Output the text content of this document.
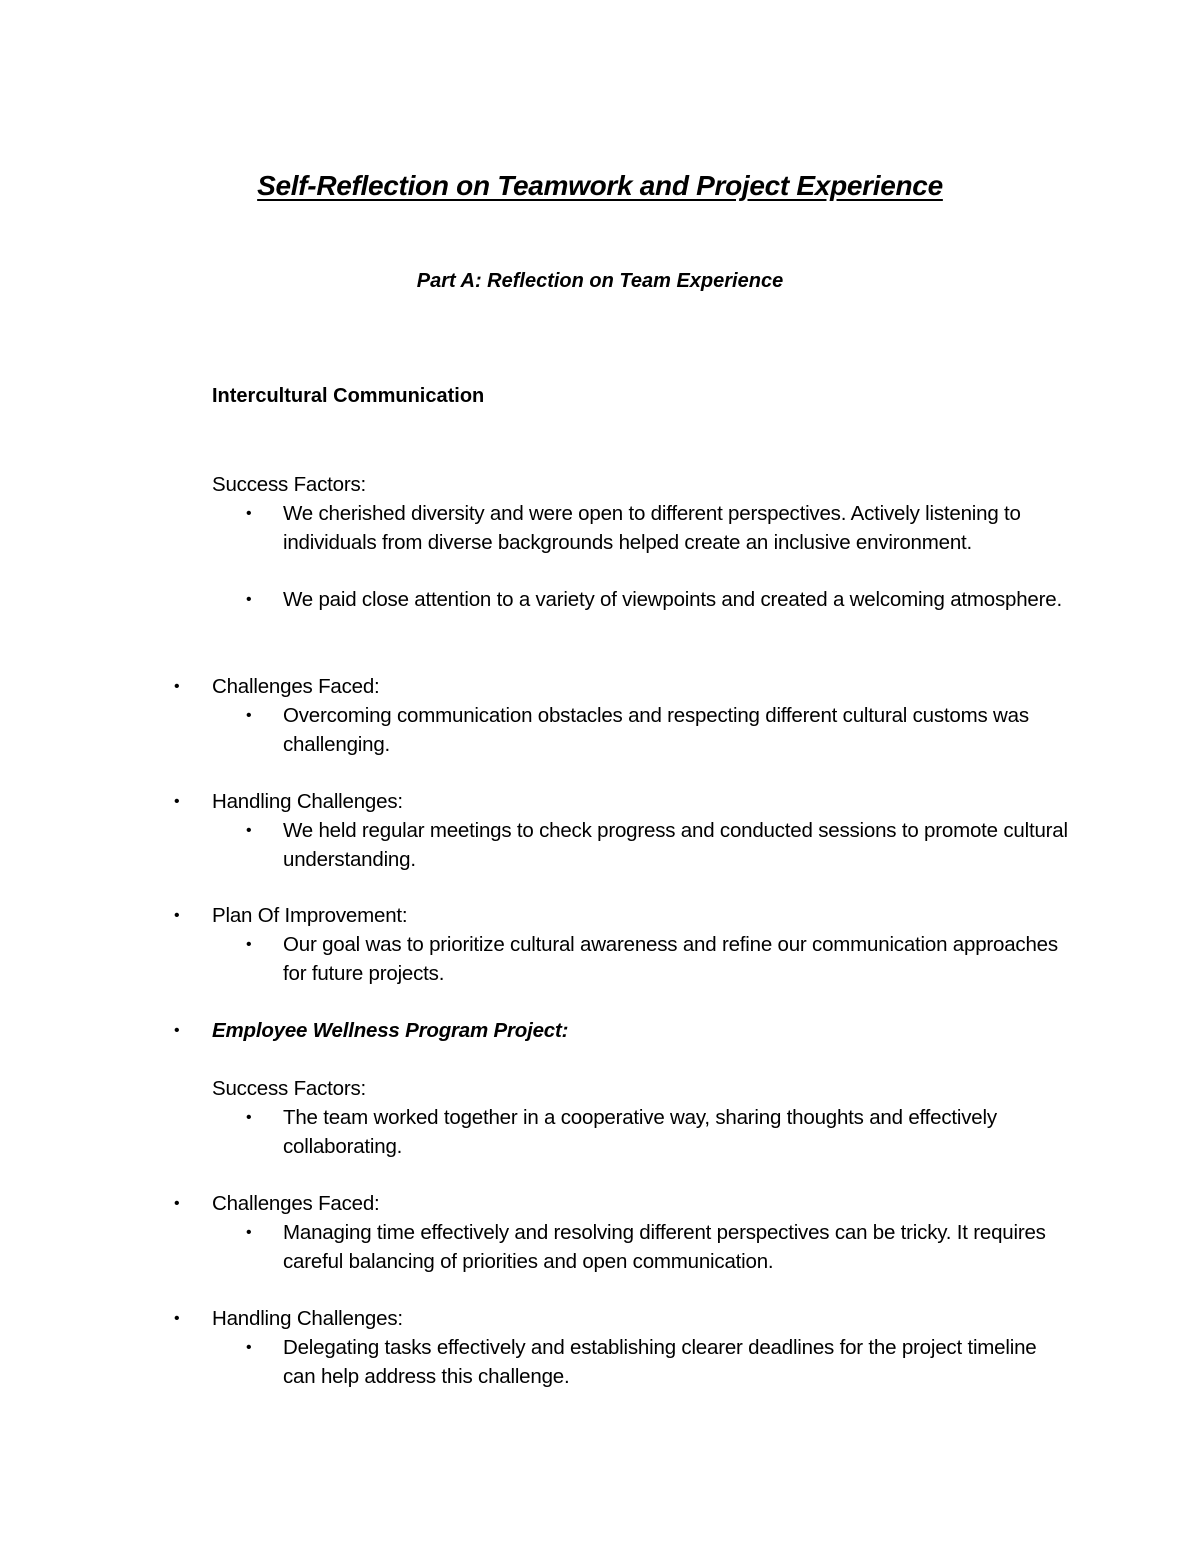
Self-Reflection on Teamwork and Project Experience
Part A: Reflection on Team Experience
Intercultural Communication
Success Factors:
• We cherished diversity and were open to different perspectives. Actively listening to individuals from diverse backgrounds helped create an inclusive environment.
• We paid close attention to a variety of viewpoints and created a welcoming atmosphere.
• Challenges Faced:
• Overcoming communication obstacles and respecting different cultural customs was challenging.
• Handling Challenges:
• We held regular meetings to check progress and conducted sessions to promote cultural understanding.
• Plan Of Improvement:
• Our goal was to prioritize cultural awareness and refine our communication approaches for future projects.
• Employee Wellness Program Project:
Success Factors:
• The team worked together in a cooperative way, sharing thoughts and effectively collaborating.
• Challenges Faced:
• Managing time effectively and resolving different perspectives can be tricky. It requires careful balancing of priorities and open communication.
• Handling Challenges:
• Delegating tasks effectively and establishing clearer deadlines for the project timeline can help address this challenge.
